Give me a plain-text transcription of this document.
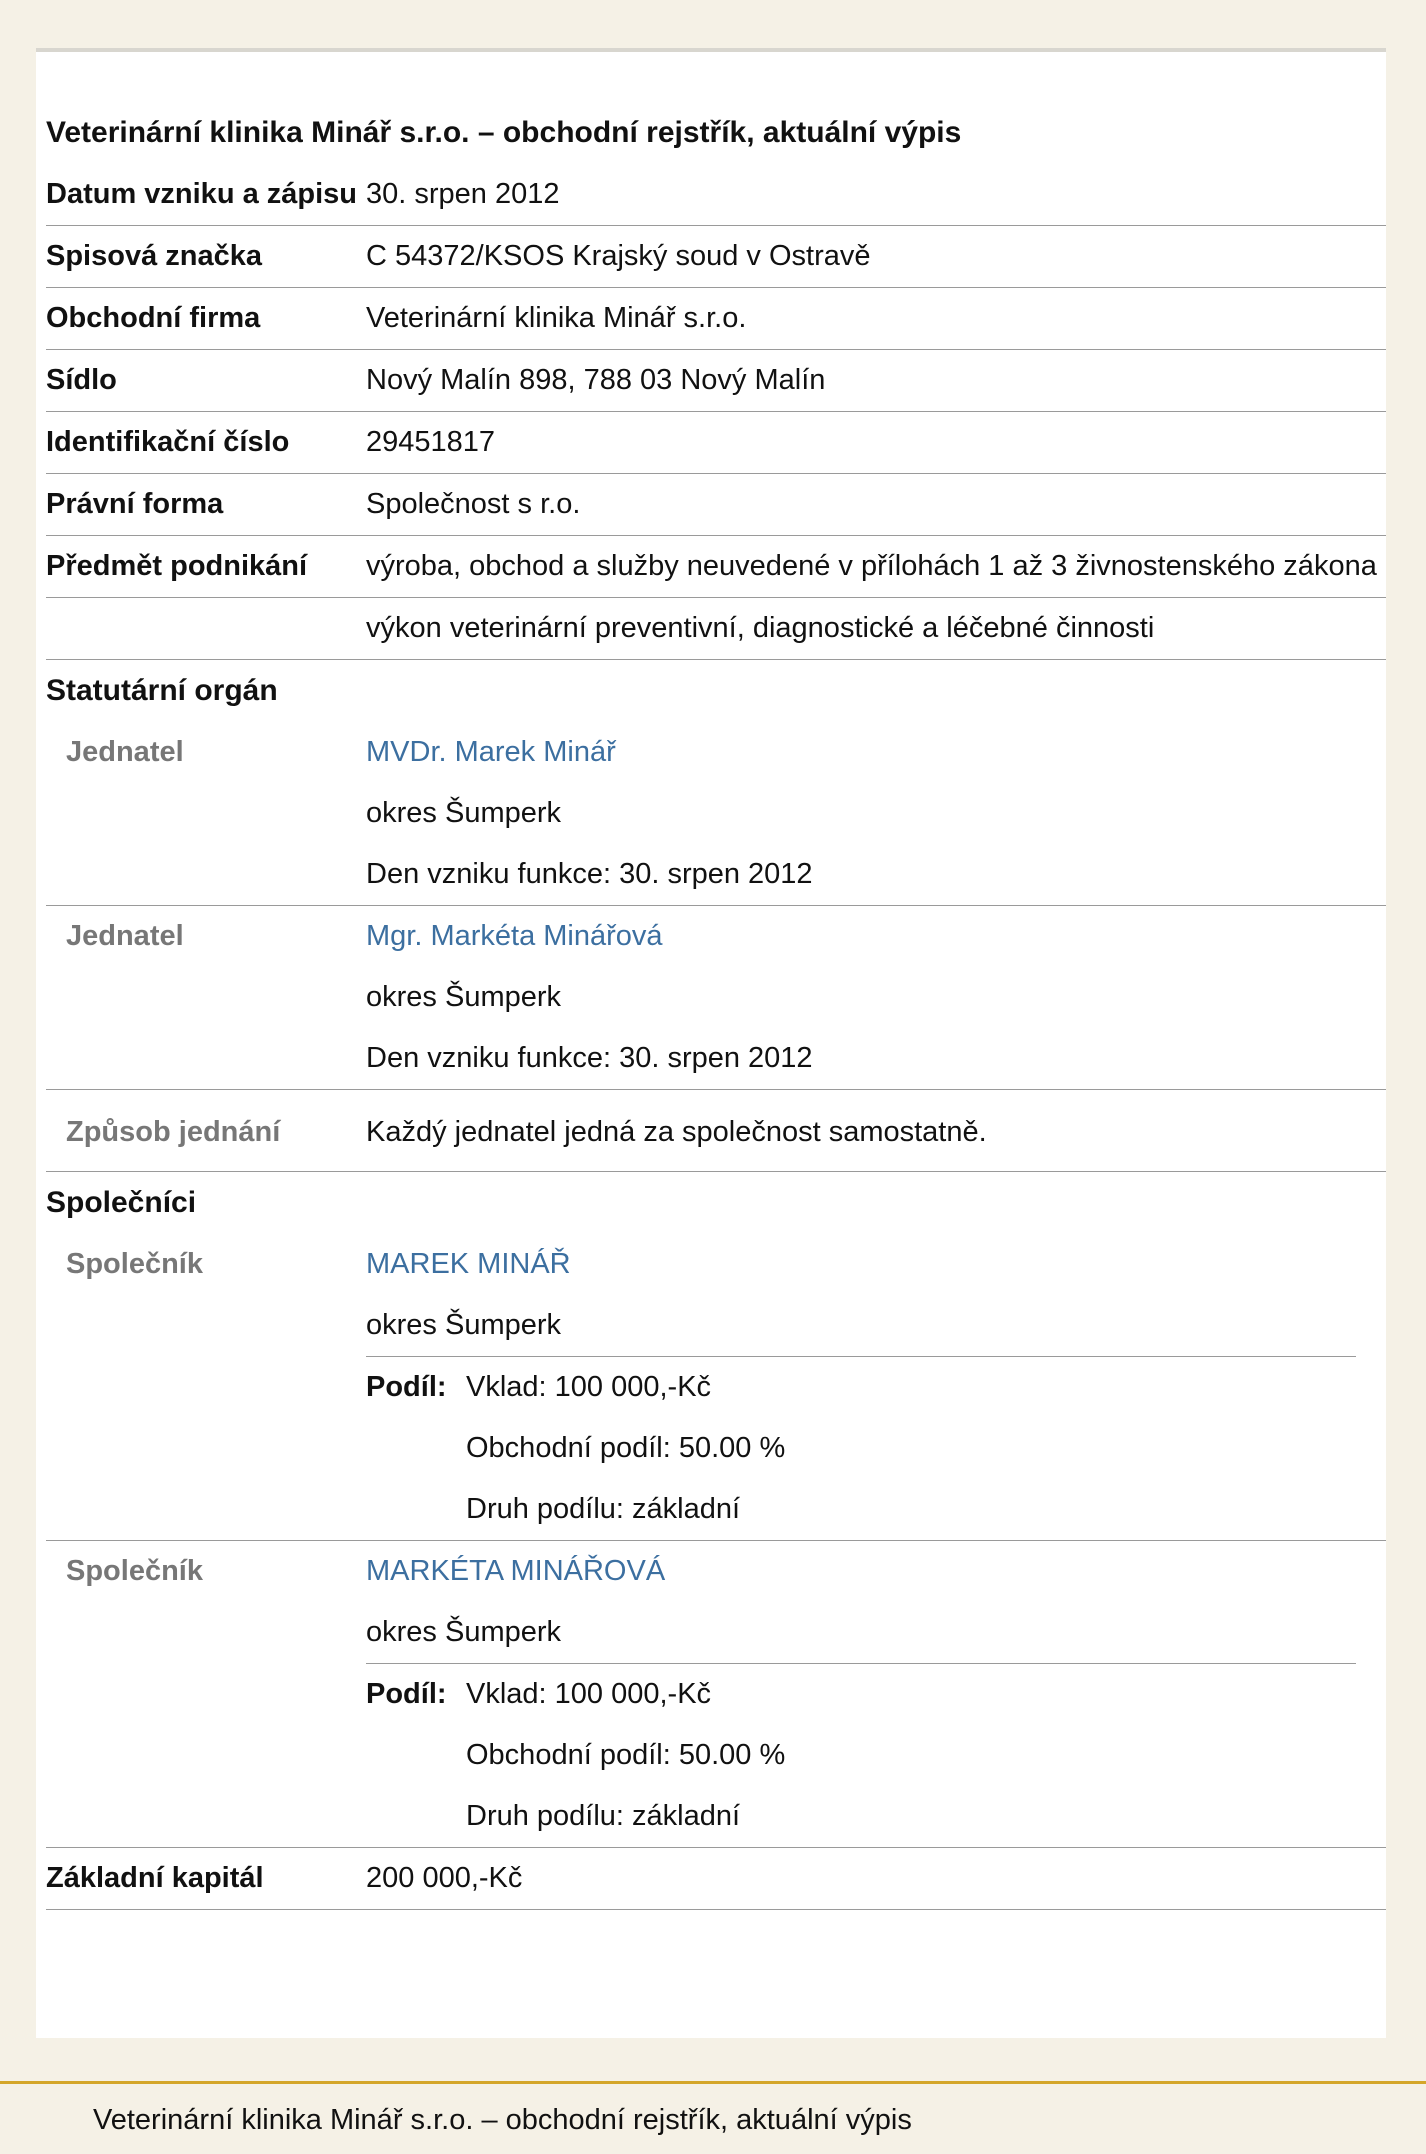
Veterinární klinika Minář s.r.o. – obchodní rejstřík, aktuální výpis
Datum vzniku a zápisu 30. srpen 2012
Spisová značka	C 54372/KSOS Krajský soud v Ostravě
Obchodní firma	Veterinární klinika Minář s.r.o.
Sídlo	Nový Malín 898, 788 03 Nový Malín
Identifikační číslo	29451817
Právní forma	Společnost s r.o.
Předmět podnikání	výroba, obchod a služby neuvedené v přílohách 1 až 3 živnostenského zákona
výkon veterinární preventivní, diagnostické a léčebné činnosti
Statutární orgán
Jednatel	MVDr. Marek Minář
okres Šumperk
Den vzniku funkce: 30. srpen 2012
Jednatel	Mgr. Markéta Minářová
okres Šumperk
Den vzniku funkce: 30. srpen 2012
Způsob jednání	Každý jednatel jedná za společnost samostatně.
Společníci
Společník	MAREK MINÁŘ
okres Šumperk
Podíl: Vklad: 100 000,-Kč
Obchodní podíl: 50.00 %
Druh podílu: základní
Společník	MARKÉTA MINÁŘOVÁ
okres Šumperk
Podíl: Vklad: 100 000,-Kč
Obchodní podíl: 50.00 %
Druh podílu: základní
Základní kapitál	200 000,-Kč
Veterinární klinika Minář s.r.o. – obchodní rejstřík, aktuální výpis
